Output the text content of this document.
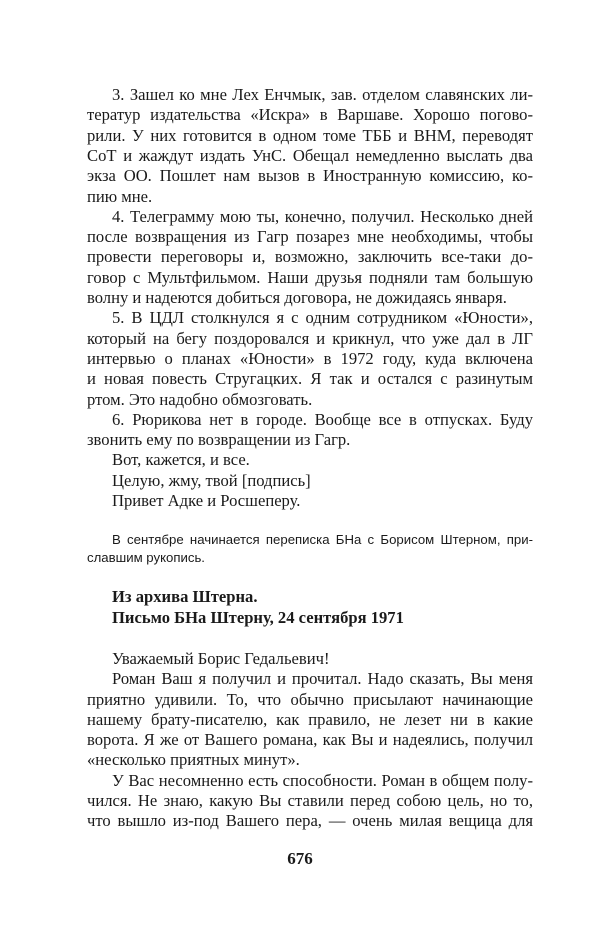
676
3. Зашел ко мне Лех Енчмык, зав. отделом славянских ли-
тератур издательства «Искра» в Варшаве. Хорошо погово-
рили. У них готовится в одном томе ТББ и ВНМ, переводят
СоТ и жаждут издать УнС. Обещал немедленно выслать два
экза ОО. Пошлет нам вызов в Иностранную комиссию, ко-
пию мне.
4. Телеграмму мою ты, конечно, получил. Несколько дней
после возвращения из Гагр позарез мне необходимы, чтобы
провести переговоры и, возможно, заключить все-таки до-
говор с Мультфильмом. Наши друзья подняли там большую
волну и надеются добиться договора, не дожидаясь января.
5. В ЦДЛ столкнулся я с одним сотрудником «Юности»,
который на бегу поздоровался и крикнул, что уже дал в ЛГ
интервью о планах «Юности» в 1972 году, куда включена
и новая повесть Стругацких. Я так и остался с разинутым
ртом. Это надобно обмозговать.
6. Рюрикова нет в городе. Вообще все в отпусках. Буду
звонить ему по возвращении из Гагр.
Вот, кажется, и все.
Целую, жму, твой [подпись]
Привет Адке и Росшеперу.
В сентябре начинается переписка БНа с Борисом Штерном, при-
славшим рукопись.
Из архива Штерна.
Письмо БНа Штерну, 24 сентября 1971
Уважаемый Борис Гедальевич!
Роман Ваш я получил и прочитал. Надо сказать, Вы меня
приятно удивили. То, что обычно присылают начинающие
нашему брату-писателю, как правило, не лезет ни в какие
ворота. Я же от Вашего романа, как Вы и надеялись, получил
«несколько приятных минут».
У Вас несомненно есть способности. Роман в общем полу-
чился. Не знаю, какую Вы ставили перед собою цель, но то,
что вышло из-под Вашего пера, — очень милая вещица для
